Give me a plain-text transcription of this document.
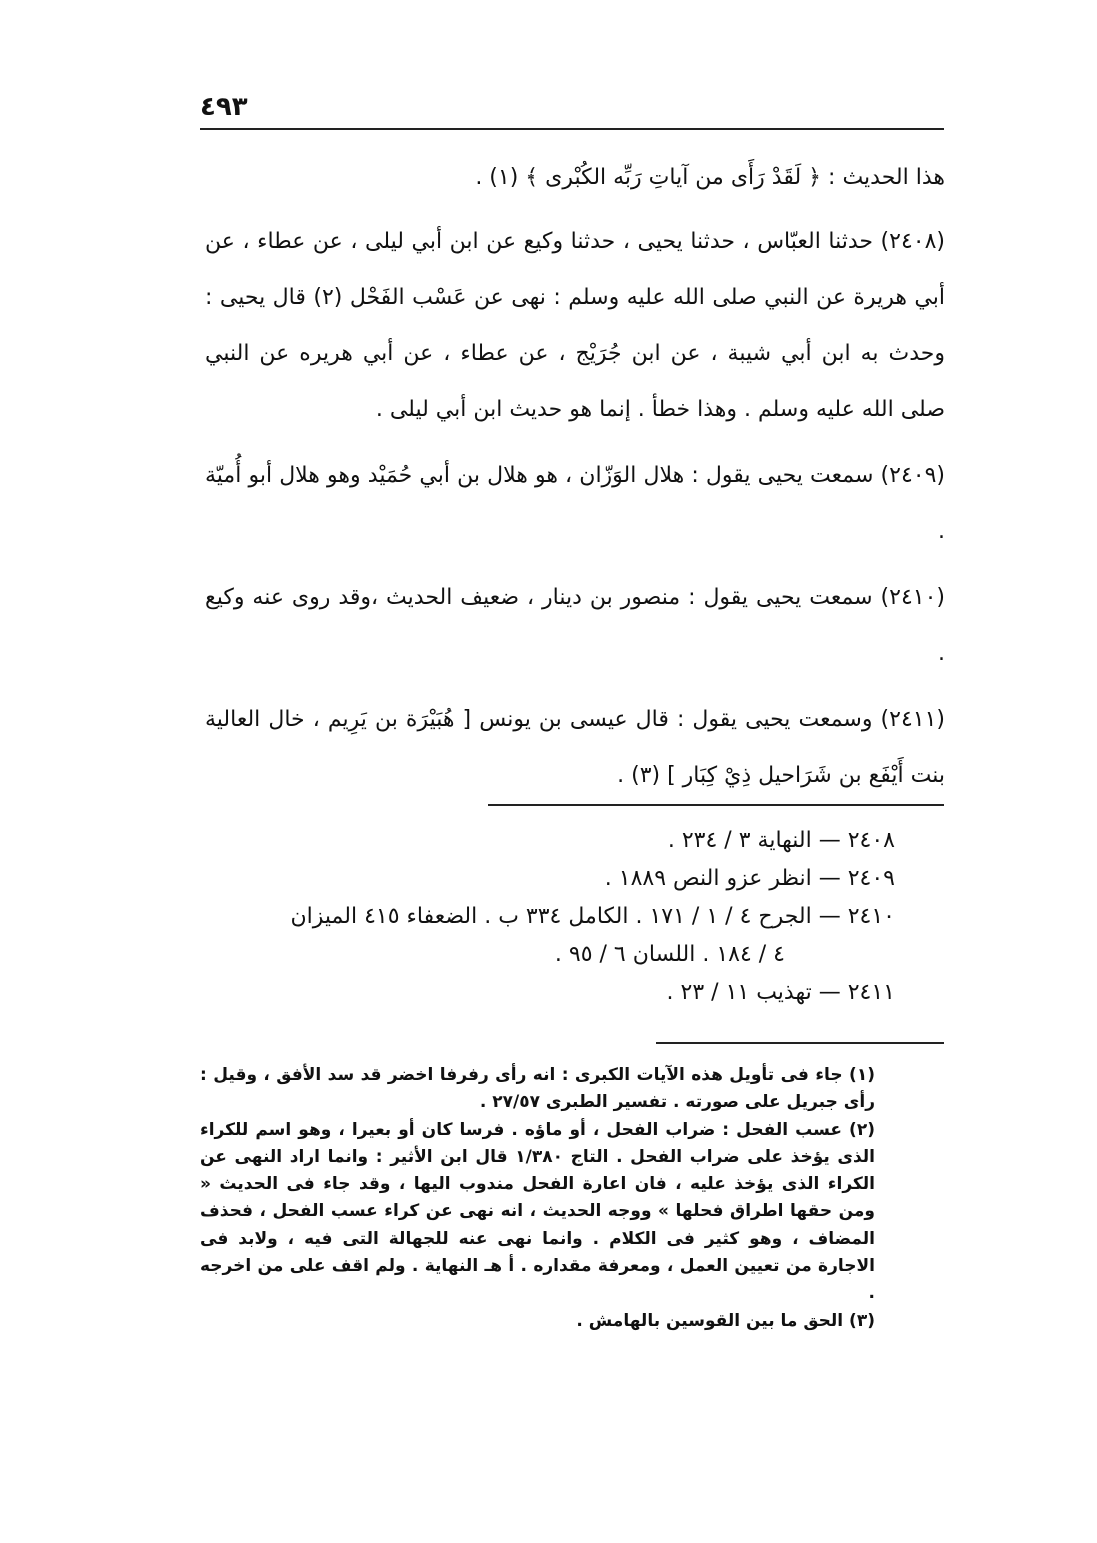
٤٩٣

هذا الحديث : ﴿ لَقَدْ رَأَى من آياتِ رَبِّه الكُبْرى ﴾ (١) .

(٢٤٠٨) حدثنا العبّاس ، حدثنا يحيى ، حدثنا وكيع عن ابن أبي ليلى ، عن عطاء ، عن أبي هريرة عن النبي صلى الله عليه وسلم : نهى عن عَسْب الفَحْل (٢) قال يحيى : وحدث به ابن أبي شيبة ، عن ابن جُرَيْج ، عن عطاء ، عن أبي هريره عن النبي صلى الله عليه وسلم . وهذا خطأ . إنما هو حديث ابن أبي ليلى .

(٢٤٠٩) سمعت يحيى يقول : هلال الوَزّان ، هو هلال بن أبي حُمَيْد وهو هلال أبو أُميّة .

(٢٤١٠) سمعت يحيى يقول : منصور بن دينار ، ضعيف الحديث ،وقد روى عنه وكيع .

(٢٤١١) وسمعت يحيى يقول : قال عيسى بن يونس [ هُبَيْرَة بن يَرِيم ، خال العالية بنت أَيْفَع بن شَرَاحيل ذِيْ كِبَار ] (٣) .

٢٤٠٨ — النهاية ٣ / ٢٣٤ .
٢٤٠٩ — انظر عزو النص ١٨٨٩ .
٢٤١٠ — الجرح ٤ / ١ / ١٧١ . الكامل ٣٣٤ ب . الضعفاء ٤١٥ الميزان
٤ / ١٨٤ . اللسان ٦ / ٩٥ .
٢٤١١ — تهذيب ١١ / ٢٣ .

(١) جاء فى تأويل هذه الآيات الكبرى : انه رأى رفرفا اخضر قد سد الأفق ، وقيل : رأى جبريل على صورته . تفسير الطبرى ٢٧/٥٧ .

(٢) عسب الفحل : ضراب الفحل ، أو ماؤه . فرسا كان أو بعيرا ، وهو اسم للكراء الذى يؤخذ على ضراب الفحل . التاج ١/٣٨٠ قال ابن الأثير : وانما اراد النهى عن الكراء الذى يؤخذ عليه ، فان اعارة الفحل مندوب اليها ، وقد جاء فى الحديث « ومن حقها اطراق فحلها » ووجه الحديث ، انه نهى عن كراء عسب الفحل ، فحذف المضاف ، وهو كثير فى الكلام . وانما نهى عنه للجهالة التى فيه ، ولابد فى الاجارة من تعيين العمل ، ومعرفة مقداره . أ هـ النهاية . ولم اقف على من اخرجه .

(٣) الحق ما بين القوسين بالهامش .
